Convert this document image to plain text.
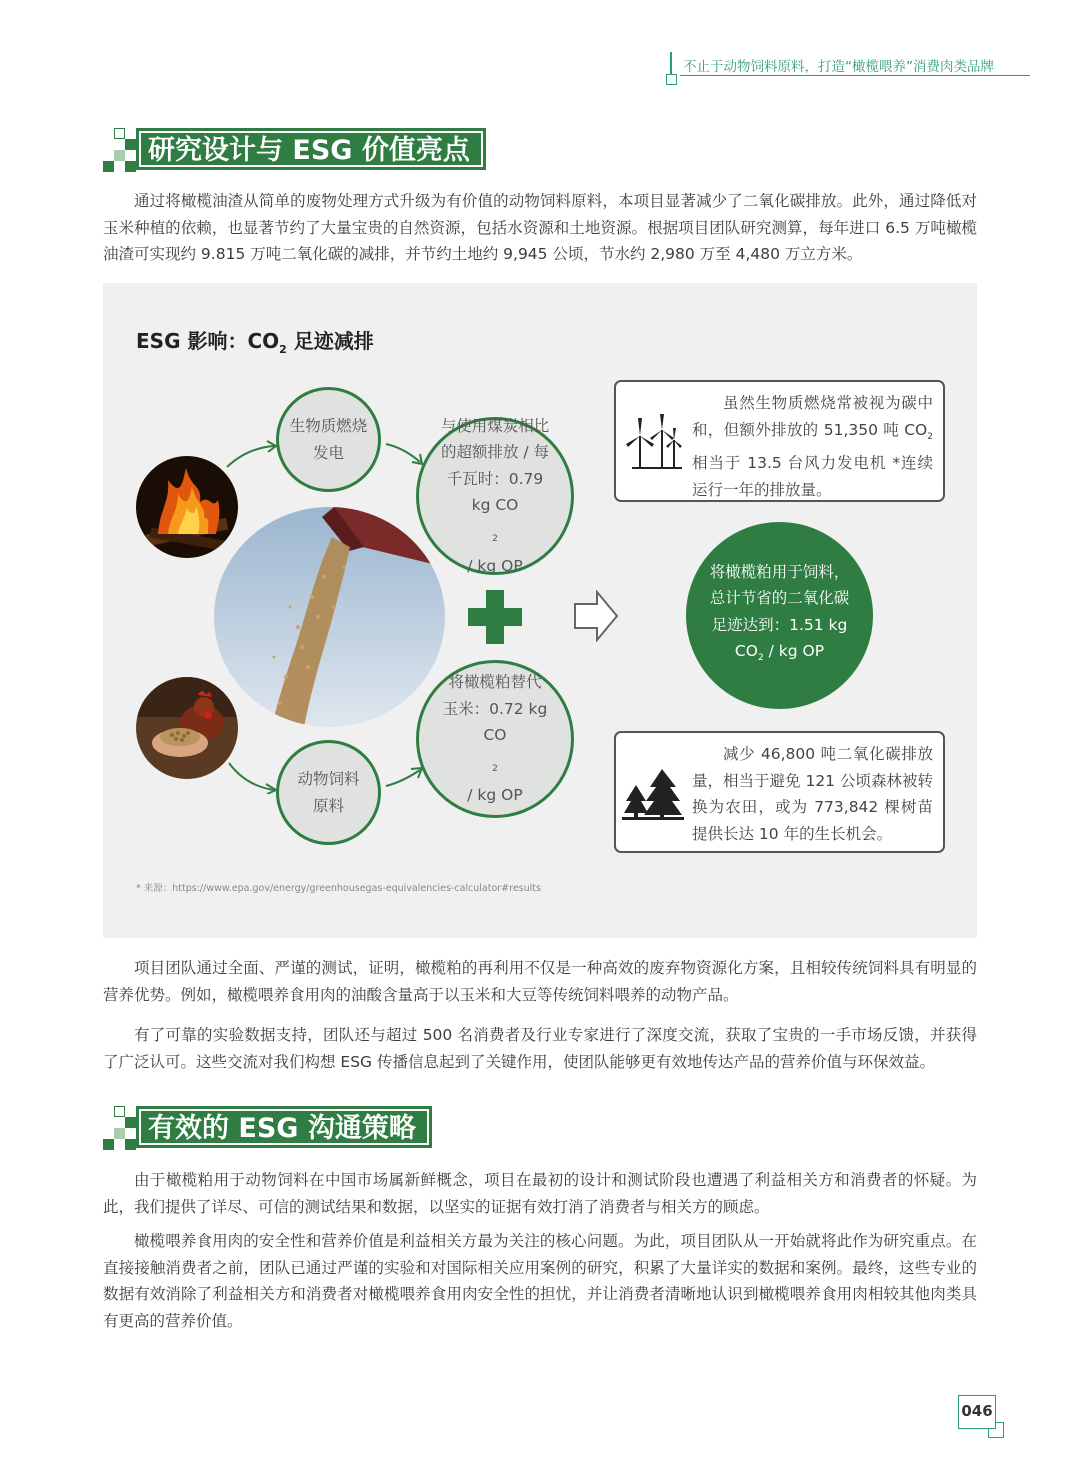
不止于动物饲料原料，打造“橄榄喂养”消费肉类品牌
研究设计与 ESG 价值亮点
通过将橄榄油渣从简单的废物处理方式升级为有价值的动物饲料原料，本项目显著减少了二氧化碳排放。此外，通过降低对玉米种植的依赖，也显著节约了大量宝贵的自然资源，包括水资源和土地资源。根据项目团队研究测算，每年进口 6.5 万吨橄榄油渣可实现约 9.815 万吨二氧化碳的减排，并节约土地约 9,945 公顷，节水约 2,980 万至 4,480 万立方米。
ESG 影响：$CO_2$ 足迹减排
生物质燃烧
发电
与使用煤炭相比
的超额排放 / 每
千瓦时：0.79
kg CO
$_2$
/ kg OP
动物饲料
原料
将橄榄粕替代
玉米：0.72 kg
CO
$_2$
/ kg OP
将橄榄粕用于饲料，
总计节省的二氧化碳
足迹达到：1.51 kg
$CO_2$ / kg OP
虽然生物质燃烧常被视为碳中和，但额外排放的 51,350 吨 $CO_2$ 相当于 13.5 台风力发电机 *连续运行一年的排放量。
减少 46,800 吨二氧化碳排放量，相当于避免 121 公顷森林被转换为农田，或为 773,842 棵树苗提供长达 10 年的生长机会。
* 来源：https://www.epa.gov/energy/greenhousegas-equivalencies-calculator#results
项目团队通过全面、严谨的测试，证明，橄榄粕的再利用不仅是一种高效的废弃物资源化方案，且相较传统饲料具有明显的营养优势。例如，橄榄喂养食用肉的油酸含量高于以玉米和大豆等传统饲料喂养的动物产品。
有了可靠的实验数据支持，团队还与超过 500 名消费者及行业专家进行了深度交流，获取了宝贵的一手市场反馈，并获得了广泛认可。这些交流对我们构想 ESG 传播信息起到了关键作用，使团队能够更有效地传达产品的营养价值与环保效益。
有效的 ESG 沟通策略
由于橄榄粕用于动物饲料在中国市场属新鲜概念，项目在最初的设计和测试阶段也遭遇了利益相关方和消费者的怀疑。为此，我们提供了详尽、可信的测试结果和数据，以坚实的证据有效打消了消费者与相关方的顾虑。
橄榄喂养食用肉的安全性和营养价值是利益相关方最为关注的核心问题。为此，项目团队从一开始就将此作为研究重点。在直接接触消费者之前，团队已通过严谨的实验和对国际相关应用案例的研究，积累了大量详实的数据和案例。最终，这些专业的数据有效消除了利益相关方和消费者对橄榄喂养食用肉安全性的担忧，并让消费者清晰地认识到橄榄喂养食用肉相较其他肉类具有更高的营养价值。
046
